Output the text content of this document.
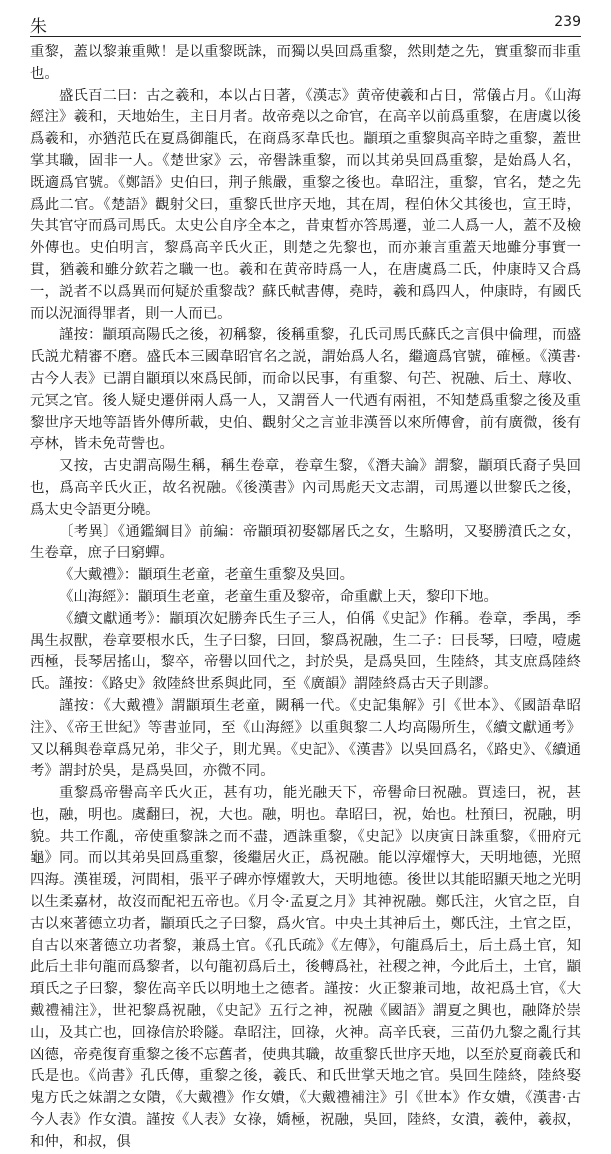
朱	239

重黎，蓋以黎兼重歟！是以重黎既誅，而獨以吳回爲重黎，然則楚之先，實重黎而非重也。

盛氏百二曰：古之羲和，本以占日著，《漢志》黄帝使羲和占日，常儀占月。《山海經注》羲和，天地始生，主日月者。故帝堯以之命官，在高辛以前爲重黎，在唐虞以後爲羲和，亦猶范氏在夏爲御龍氏，在商爲豕韋氏也。顓頊之重黎與高辛時之重黎，蓋世掌其職，固非一人。《楚世家》云，帝嚳誅重黎，而以其弟吳回爲重黎，是始爲人名，既適爲官號。《鄭語》史伯曰，荆子熊嚴，重黎之後也。韋昭注，重黎，官名，楚之先爲此二官。《楚語》觀射父曰，重黎氏世序天地，其在周，程伯休父其後也，宣王時，失其官守而爲司馬氏。太史公自序全本之，昔東晳亦答馬遷，並二人爲一人，蓋不及檢外傳也。史伯明言，黎爲高辛氏火正，則楚之先黎也，而亦兼言重蓋天地雖分事實一貫，猶羲和雖分欽若之職一也。羲和在黄帝時爲一人，在唐虞爲二氏，仲康時又合爲一，説者不以爲異而何疑於重黎哉？蘇氏軾書傳，堯時，羲和爲四人，仲康時，有國氏而以況湎得罪者，則一人而已。

謹按：顓頊高陽氏之後，初稱黎，後稱重黎，孔氏司馬氏蘇氏之言俱中倫理，而盛氏説尤精審不磨。盛氏本三國韋昭官名之説，謂始爲人名，繼適爲官號，確極。《漢書·古今人表》已謂自顓頊以來爲民師，而命以民事，有重黎、句芒、祝融、后土、蓐收、元冥之官。後人疑史遷併兩人爲一人，又謂晉人一代迺有兩祖，不知楚爲重黎之後及重黎世序天地等語皆外傳所載，史伯、觀射父之言並非漢晉以來所傳會，前有廣微，後有亭林，皆未免苛訾也。

又按，古史謂高陽生稱，稱生卷章，卷章生黎，《潛夫論》謂黎，顓頊氏裔子吳回也，爲高辛氏火正，故名祝融。《後漢書》內司馬彪天文志謂，司馬遷以世黎氏之後，爲太史令語更分曉。

〔考異〕《通鑑綱目》前編：帝顓頊初娶鄒屠氏之女，生駱明，又娶勝濆氏之女，生卷章，庶子曰窮蟬。

《大戴禮》：顓頊生老童，老童生重黎及吳回。

《山海經》：顓頊生老童，老童生重及黎帝，命重獻上天，黎印下地。

《續文獻通考》：顓頊次妃勝奔氏生子三人，伯偁《史記》作稱。卷章，季禺，季禺生叔獸，卷章要根水氏，生子曰黎，曰回，黎爲祝融，生二子：曰長琴，曰噎，噎處西極，長琴居搖山，黎卒，帝嚳以回代之，封於吳，是爲吳回，生陸終，其支庶爲陸終氏。謹按：《路史》敘陸終世系與此同，至《廣韻》謂陸終爲古天子則謬。

謹按：《大戴禮》謂顓頊生老童，闕稱一代。《史記集解》引《世本》、《國語韋昭注》、《帝王世紀》等書並同，至《山海經》以重與黎二人均高陽所生，《續文獻通考》又以稱與卷章爲兄弟，非父子，則尤異。《史記》、《漢書》以吳回爲名，《路史》、《續通考》謂封於吳，是爲吳回，亦微不同。

重黎爲帝嚳高辛氏火正，甚有功，能光融天下，帝嚳命曰祝融。賈逵曰，祝，甚也，融，明也。虞翻曰，祝，大也。融，明也。韋昭曰，祝，始也。杜預曰，祝融，明貌。共工作亂，帝使重黎誅之而不盡，迺誅重黎，《史記》以庚寅日誅重黎，《冊府元龜》同。而以其弟吳回爲重黎，後繼居火正，爲祝融。能以淳燿惇大，天明地德，光照四海。漢崔瑗，河間相，張平子碑亦惇燿敦大，天明地德。後世以其能昭顯天地之光明以生柔嘉材，故沒而配祀五帝也。《月令·孟夏之月》其神祝融。鄭氏注，火官之臣，自古以來著德立功者，顓頊氏之子曰黎，爲火官。中央土其神后土，鄭氏注，土官之臣，自古以來著德立功者黎，兼爲土官。《孔氏疏》《左傳》，句龍爲后土，后土爲土官，知此后土非句龍而爲黎者，以句龍初爲后土，後轉爲社，社稷之神，今此后土，土官，顓頊氏之子曰黎，黎佐高辛氏以明地土之德者。謹按：火正黎兼司地，故祀爲土官，《大戴禮補注》，世祀黎爲祝融，《史記》五行之神，祝融《國語》謂夏之興也，融降於崇山，及其亡也，回祿信於聆隧。韋昭注，回祿，火神。高辛氏衰，三苗仍九黎之亂行其凶德，帝堯復育重黎之後不忘舊者，使典其職，故重黎氏世序天地，以至於夏商羲氏和氏是也。《尚書》孔氏傳，重黎之後，羲氏、和氏世掌天地之官。吳回生陸終，陸終娶鬼方氏之妹謂之女隤，《大戴禮》作女嬇，《大戴禮補注》引《世本》作女嬇，《漢書·古今人表》作女潰。謹按《人表》女祿，嬌極，祝融，吳回，陸終，女潰，羲仲，羲叔，和仲，和叔，俱
